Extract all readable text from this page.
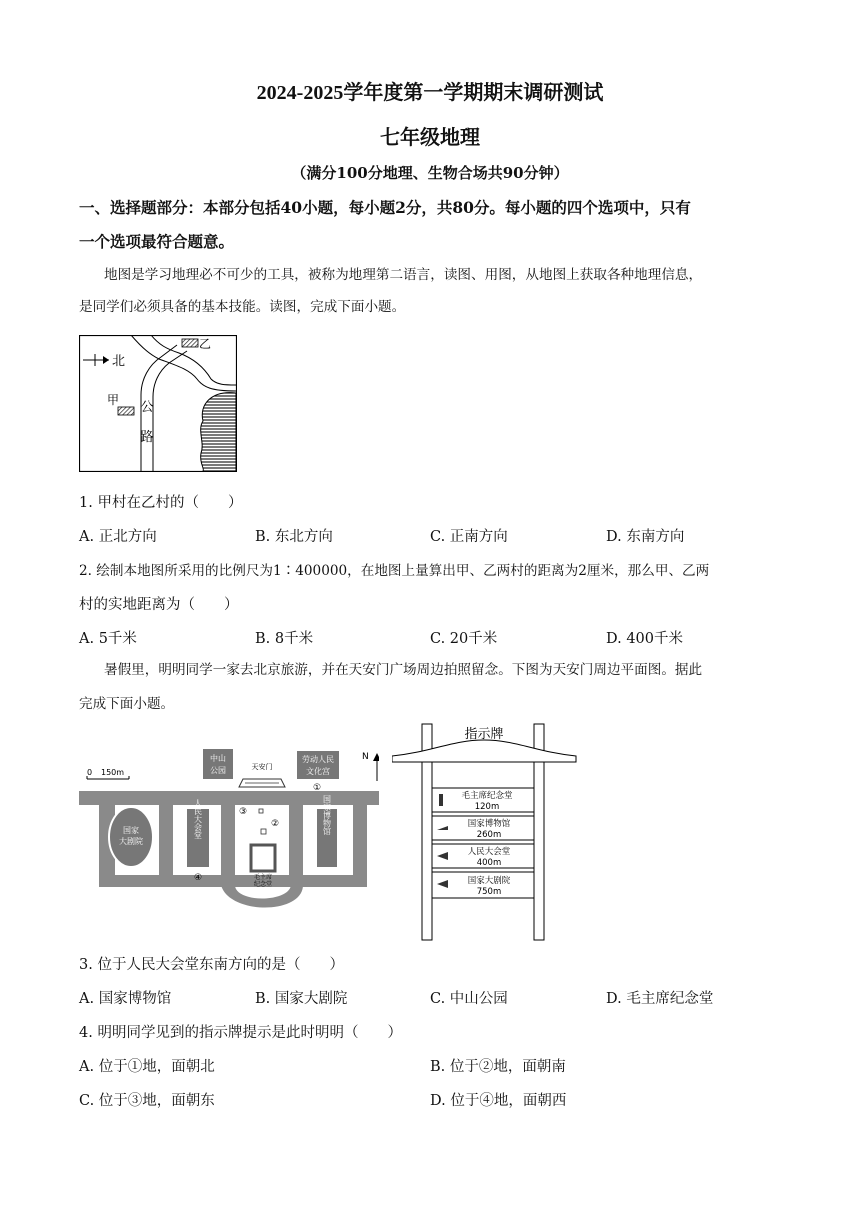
2024-2025学年度第一学期期末调研测试
七年级地理
（满分100分地理、生物合场共90分钟）
一、选择题部分：本部分包括40小题，每小题2分，共80分。每小题的四个选项中，只有
一个选项最符合题意。
地图是学习地理必不可少的工具，被称为地理第二语言，读图、用图，从地图上获取各种地理信息，
是同学们必须具备的基本技能。读图，完成下面小题。
北
乙
甲 公
路
1. 甲村在乙村的（　　）
A. 正北方向	B. 东北方向	C. 正南方向	D. 东南方向
2. 绘制本地图所采用的比例尺为1∶400000，在地图上量算出甲、乙两村的距离为2厘米，那么甲、乙两
村的实地距离为（　　）
A. 5千米	B. 8千米	C. 20千米	D. 400千米
暑假里，明明同学一家去北京旅游，并在天安门广场周边拍照留念。下图为天安门周边平面图。据此
完成下面小题。
0 150m
国家
大剧院
人民大会堂	国家博物馆
毛主席
纪念堂
中山
公园
劳动人民
文化宫
天安门
①
②
③
④
N
指示牌
毛主席纪念堂
120m
国家博物馆
260m
人民大会堂
400m
国家大剧院
750m
3. 位于人民大会堂东南方向的是（　　）
A. 国家博物馆	B. 国家大剧院	C. 中山公园	D. 毛主席纪念堂
4. 明明同学见到的指示牌提示是此时明明（　　）
A. 位于①地，面朝北	B. 位于②地，面朝南
C. 位于③地，面朝东	D. 位于④地，面朝西
